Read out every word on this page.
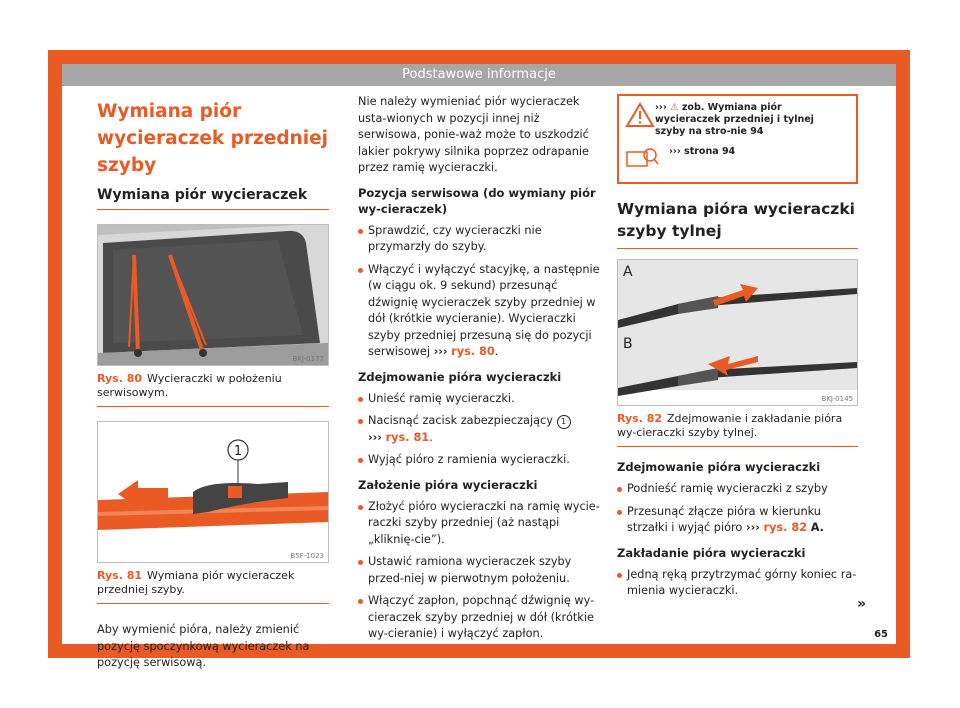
Podstawowe informacje
Wymiana piór wycieraczek przedniej szyby
Wymiana piór wycieraczek
BKJ-0177
Rys. 80 Wycieraczki w położeniu serwisowym.
1
B5F-1023
Rys. 81 Wymiana piór wycieraczek przedniej szyby.

Aby wymienić pióra, należy zmienić pozycję spoczynkową wycieraczek na pozycję serwisową.

Nie należy wymieniać piór wycieraczek usta-wionych w pozycji innej niż serwisowa, ponie-waż może to uszkodzić lakier pokrywy silnika poprzez odrapanie przez ramię wycieraczki.

Pozycja serwisowa (do wymiany piór wy-cieraczek)
Sprawdzić, czy wycieraczki nie przymarzły do szyby.
Włączyć i wyłączyć stacyjkę, a następnie (w ciągu ok. 9 sekund) przesunąć dźwignię wycieraczek szyby przedniej w dół (krótkie wycieranie). Wycieraczki szyby przedniej przesuną się do pozycji serwisowej ››› rys. 80.
Zdejmowanie pióra wycieraczki
Unieść ramię wycieraczki.
Nacisnąć zacisk zabezpieczający 1
››› rys. 81.
Wyjąć pióro z ramienia wycieraczki.
Założenie pióra wycieraczki
Złożyć pióro wycieraczki na ramię wycie-raczki szyby przedniej (aż nastąpi „kliknię-cie”).
Ustawić ramiona wycieraczek szyby przed-niej w pierwotnym położeniu.
Włączyć zapłon, popchnąć dźwignię wy-cieraczek szyby przedniej w dół (krótkie wy-cieranie) i wyłączyć zapłon.
››› ⚠ zob. Wymiana piór wycieraczek przedniej i tylnej szyby na stro-nie 94
››› strona 94
Wymiana pióra wycieraczki szyby tylnej
A
B
BKJ-0145
Rys. 82 Zdejmowanie i zakładanie pióra wy-cieraczki szyby tylnej.
Zdejmowanie pióra wycieraczki
Podnieść ramię wycieraczki z szyby
Przesunąć złącze pióra w kierunku strzałki i wyjąć pióro ››› rys. 82 A.
Zakładanie pióra wycieraczki
Jedną ręką przytrzymać górny koniec ra-mienia wycieraczki.
»
65
